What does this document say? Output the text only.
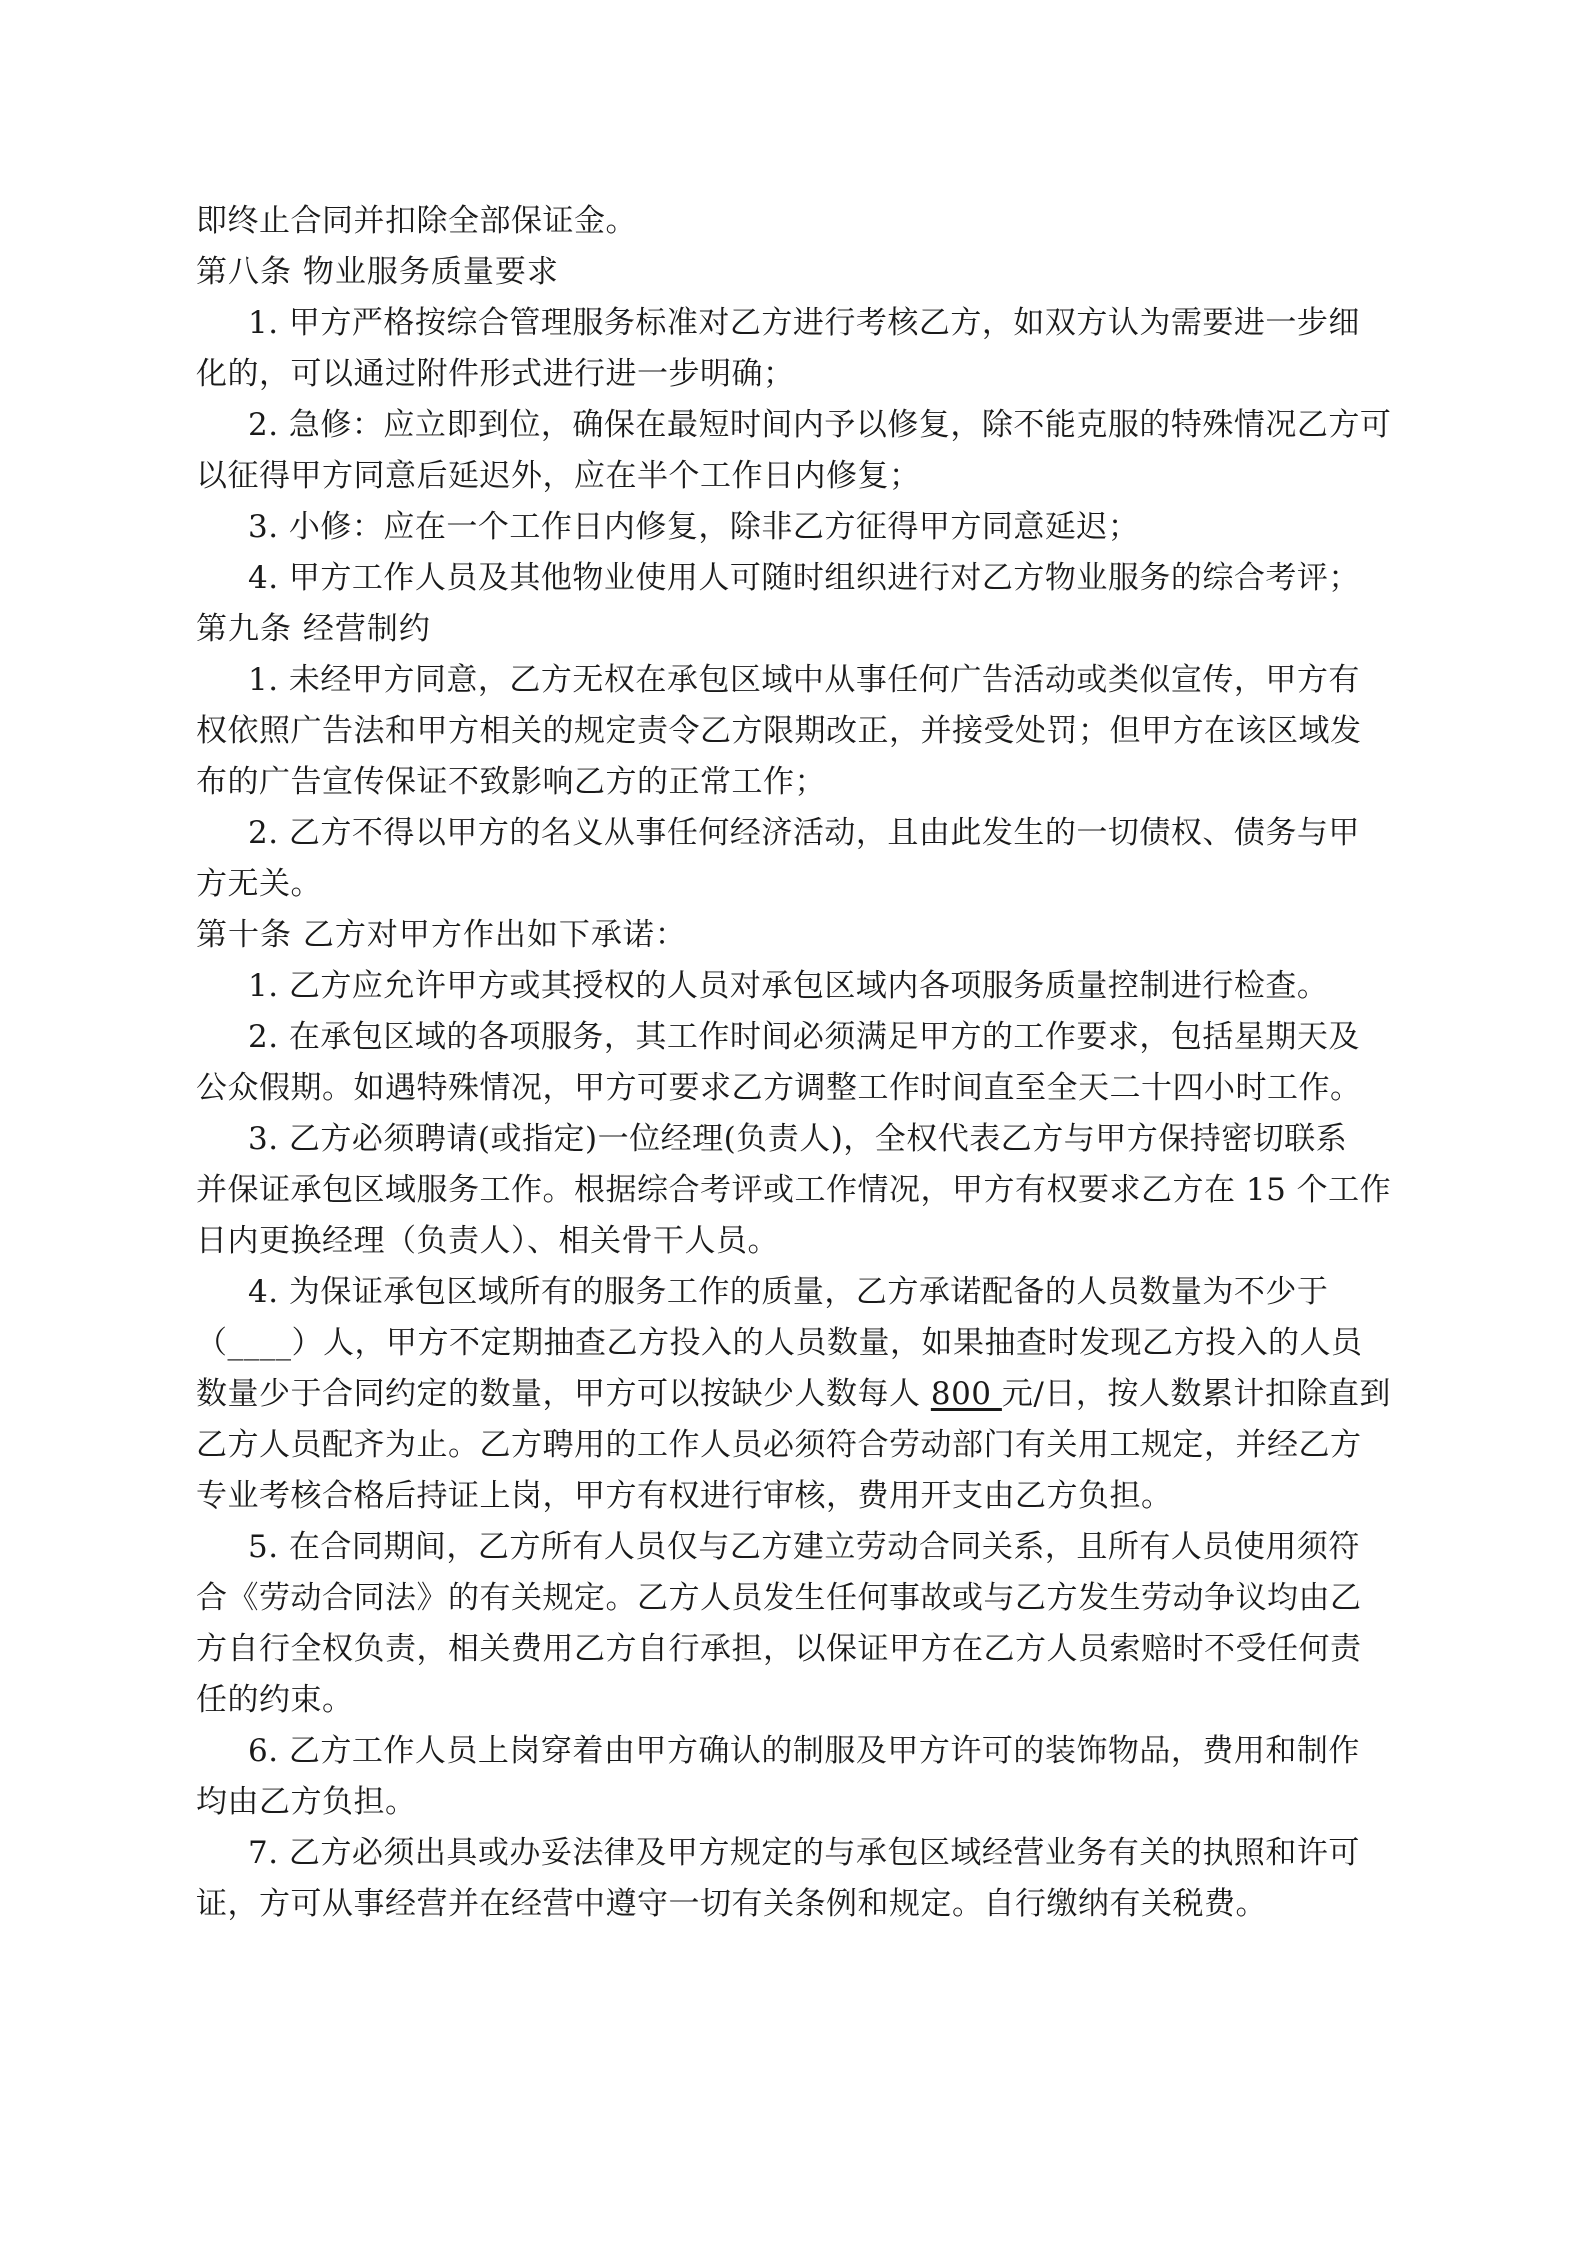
即终止合同并扣除全部保证金。
第八条 物业服务质量要求
1. 甲方严格按综合管理服务标准对乙方进行考核乙方，如双方认为需要进一步细
化的，可以通过附件形式进行进一步明确；
2. 急修：应立即到位，确保在最短时间内予以修复，除不能克服的特殊情况乙方可
以征得甲方同意后延迟外，应在半个工作日内修复；
3. 小修：应在一个工作日内修复，除非乙方征得甲方同意延迟；
4. 甲方工作人员及其他物业使用人可随时组织进行对乙方物业服务的综合考评；
第九条 经营制约
1. 未经甲方同意，乙方无权在承包区域中从事任何广告活动或类似宣传，甲方有
权依照广告法和甲方相关的规定责令乙方限期改正，并接受处罚；但甲方在该区域发
布的广告宣传保证不致影响乙方的正常工作；
2. 乙方不得以甲方的名义从事任何经济活动，且由此发生的一切债权、债务与甲
方无关。
第十条 乙方对甲方作出如下承诺：
1. 乙方应允许甲方或其授权的人员对承包区域内各项服务质量控制进行检查。
2. 在承包区域的各项服务，其工作时间必须满足甲方的工作要求，包括星期天及
公众假期。如遇特殊情况，甲方可要求乙方调整工作时间直至全天二十四小时工作。
3. 乙方必须聘请(或指定)一位经理(负责人)，全权代表乙方与甲方保持密切联系
并保证承包区域服务工作。根据综合考评或工作情况，甲方有权要求乙方在 15 个工作
日内更换经理（负责人）、相关骨干人员。
4. 为保证承包区域所有的服务工作的质量，乙方承诺配备的人员数量为不少于
（____）人，甲方不定期抽查乙方投入的人员数量，如果抽查时发现乙方投入的人员
数量少于合同约定的数量，甲方可以按缺少人数每人 800 元/日，按人数累计扣除直到
乙方人员配齐为止。乙方聘用的工作人员必须符合劳动部门有关用工规定，并经乙方
专业考核合格后持证上岗，甲方有权进行审核，费用开支由乙方负担。
5. 在合同期间，乙方所有人员仅与乙方建立劳动合同关系，且所有人员使用须符
合《劳动合同法》的有关规定。乙方人员发生任何事故或与乙方发生劳动争议均由乙
方自行全权负责，相关费用乙方自行承担，以保证甲方在乙方人员索赔时不受任何责
任的约束。
6. 乙方工作人员上岗穿着由甲方确认的制服及甲方许可的装饰物品，费用和制作
均由乙方负担。
7. 乙方必须出具或办妥法律及甲方规定的与承包区域经营业务有关的执照和许可
证，方可从事经营并在经营中遵守一切有关条例和规定。自行缴纳有关税费。
